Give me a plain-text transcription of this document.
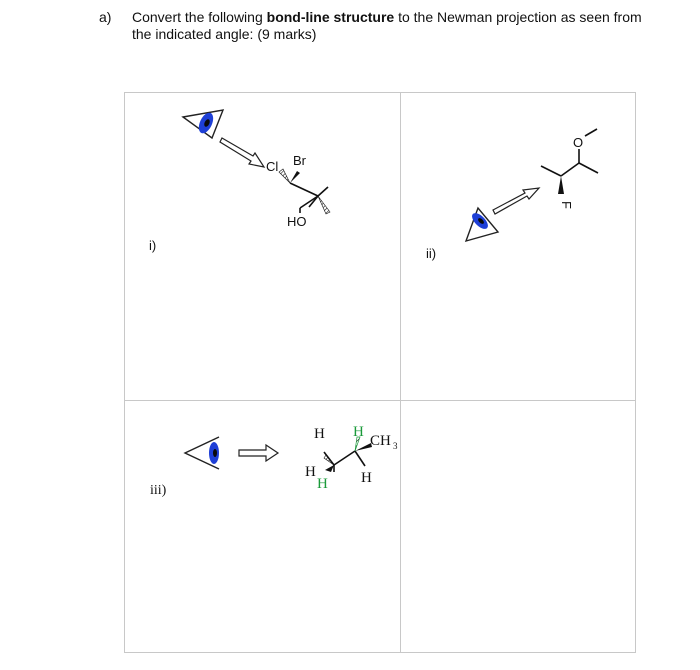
a) Convert the following bond-line structure to the Newman projection as seen from the indicated angle: (9 marks)
i)
ii)
iii)
Cl Br
HO
O
F
H H
CH 3
H
H H
